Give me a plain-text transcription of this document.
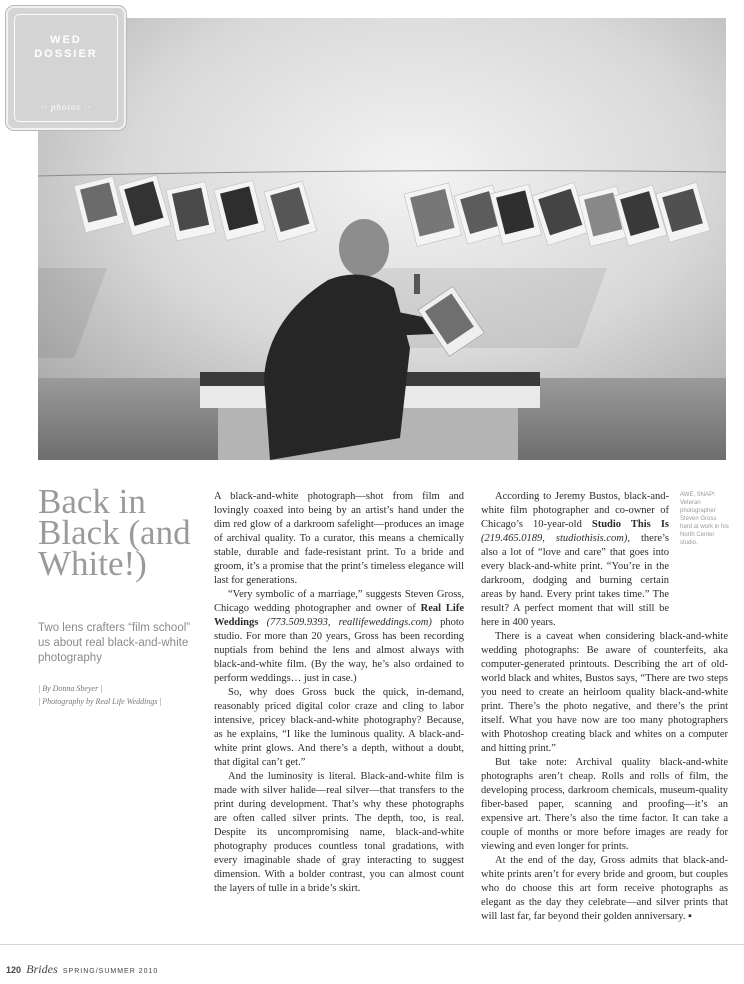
WED
DOSSIER
·· photos ··
Back in Black (and White!)

Two lens crafters “film school” us about real black-and-white photography

| By Donna Sbeyer |

| Photography by Real Life Weddings |

A black-and-white photograph—shot from film and lovingly coaxed into being by an artist’s hand under the dim red glow of a darkroom safelight—produces an image of archival quality. To a curator, this means a chemically stable, durable and fade-resistant print. To a bride and groom, it’s a promise that the print’s timeless elegance will last for generations.

“Very symbolic of a marriage,” suggests Steven Gross, Chicago wedding photographer and owner of Real Life Weddings (773.509.9393, reallifeweddings.com) photo studio. For more than 20 years, Gross has been recording nuptials from behind the lens and almost always with black-and-white film. (By the way, he’s also ordained to perform weddings… just in case.)

So, why does Gross buck the quick, in-demand, reasonably priced digital color craze and cling to labor intensive, pricey black-and-white photography? Because, as he explains, “I like the luminous quality. A black-and-white print glows. And there’s a depth, without a doubt, that digital can’t get.”

And the luminosity is literal. Black-and-white film is made with silver halide—real silver—that transfers to the print during development. That’s why these photographs are often called silver prints. The depth, too, is real. Despite its uncompromising name, black-and-white photography produces countless tonal gradations, with every imaginable shade of gray interacting to suggest dimension. With a bolder contrast, you can almost count the layers of tulle in a bride’s skirt.

According to Jeremy Bustos, black-and-white film photographer and co-owner of Chicago’s 10-year-old Studio This Is (219.465.0189, studiothisis.com), there’s also a lot of “love and care” that goes into every black-and-white print. “You’re in the darkroom, dodging and burning certain areas by hand. Every print takes time.” The result? A perfect moment that will still be here in 400 years.

There is a caveat when considering black-and-white wedding photographs: Be aware of counterfeits, aka computer-generated printouts. Describing the art of old-world black and whites, Bustos says, “There are two steps you need to create an heirloom quality black-and-white print. There’s the photo negative, and there’s the print itself. What you have now are too many photographers with Photoshop creating black and whites on a computer and hitting print.”

But take note: Archival quality black-and-white photographs aren’t cheap. Rolls and rolls of film, the developing process, darkroom chemicals, museum-quality fiber-based paper, scanning and proofing—it’s an expensive art. There’s also the time factor. It can take a couple of months or more before images are ready for viewing and even longer for prints.

At the end of the day, Gross admits that black-and-white prints aren’t for every bride and groom, but couples who do choose this art form receive photographs as elegant as the day they celebrate—and silver prints that will last far, far beyond their golden anniversary. ▪

AWE, SNAP! Veteran photographer Steven Gross hard at work in his North Center studio.

120 Brides SPRING/SUMMER 2010
